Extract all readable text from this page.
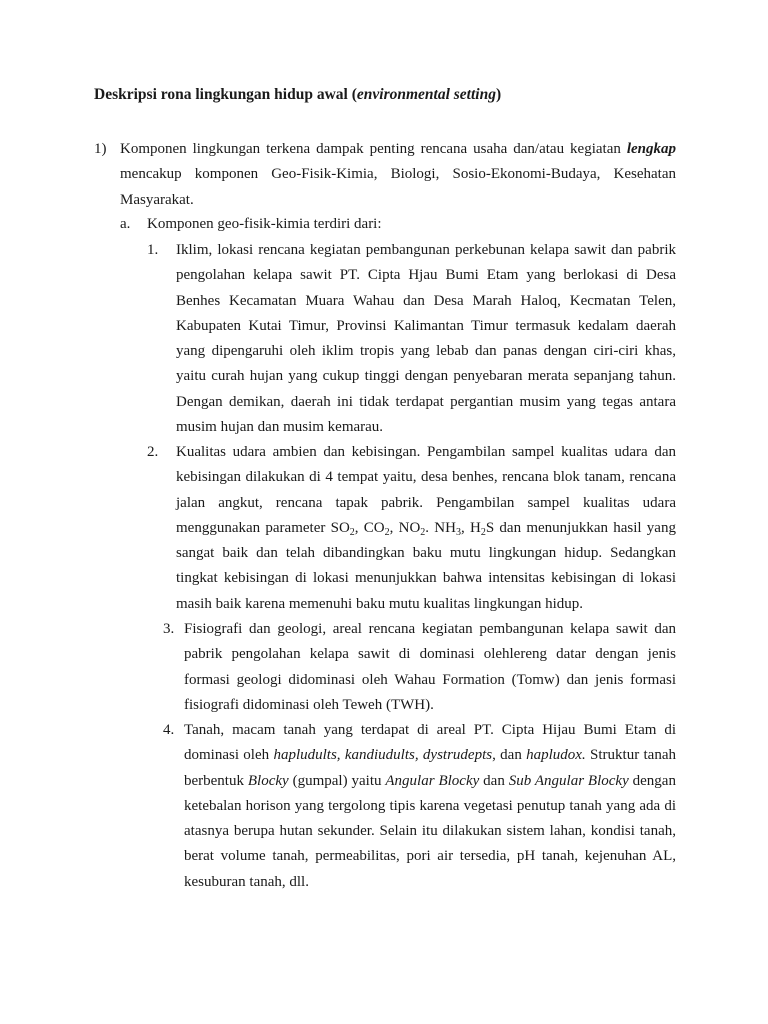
Deskripsi rona lingkungan hidup awal (environmental setting)
1) Komponen lingkungan terkena dampak penting rencana usaha dan/atau kegiatan lengkap mencakup komponen Geo-Fisik-Kimia, Biologi, Sosio-Ekonomi-Budaya, Kesehatan Masyarakat.
a.	Komponen geo-fisik-kimia terdiri dari:
1.	Iklim, lokasi rencana kegiatan pembangunan perkebunan kelapa sawit dan pabrik pengolahan kelapa sawit PT. Cipta Hjau Bumi Etam yang berlokasi di Desa Benhes Kecamatan Muara Wahau dan Desa Marah Haloq, Kecmatan Telen, Kabupaten Kutai Timur, Provinsi Kalimantan Timur termasuk kedalam daerah yang dipengaruhi oleh iklim tropis yang lebab dan panas dengan ciri-ciri khas, yaitu curah hujan yang cukup tinggi dengan penyebaran merata sepanjang tahun. Dengan demikan, daerah ini tidak terdapat pergantian musim yang tegas antara musim hujan dan musim kemarau.
2.	Kualitas udara ambien dan kebisingan. Pengambilan sampel kualitas udara dan kebisingan dilakukan di 4 tempat yaitu, desa benhes, rencana blok tanam, rencana jalan angkut, rencana tapak pabrik. Pengambilan sampel kualitas udara menggunakan parameter $SO_2$, $CO_2$, $NO_2$. $NH_3$, $H_2S$ dan menunjukkan hasil yang sangat baik dan telah dibandingkan baku mutu lingkungan hidup. Sedangkan tingkat kebisingan di lokasi menunjukkan bahwa intensitas kebisingan di lokasi masih baik karena memenuhi baku mutu kualitas lingkungan hidup.
3. Fisiografi dan geologi, areal rencana kegiatan pembangunan kelapa sawit dan pabrik pengolahan kelapa sawit di dominasi olehlereng datar dengan jenis formasi geologi didominasi oleh Wahau Formation (Tomw) dan jenis formasi fisiografi didominasi oleh Teweh (TWH).
4. Tanah, macam tanah yang terdapat di areal PT. Cipta Hijau Bumi Etam di dominasi oleh hapludults, kandiudults, dystrudepts, dan hapludox. Struktur tanah berbentuk Blocky (gumpal) yaitu Angular Blocky dan Sub Angular Blocky dengan ketebalan horison yang tergolong tipis karena vegetasi penutup tanah yang ada di atasnya berupa hutan sekunder. Selain itu dilakukan sistem lahan, kondisi tanah, berat volume tanah, permeabilitas, pori air tersedia, pH tanah, kejenuhan AL, kesuburan tanah, dll.
